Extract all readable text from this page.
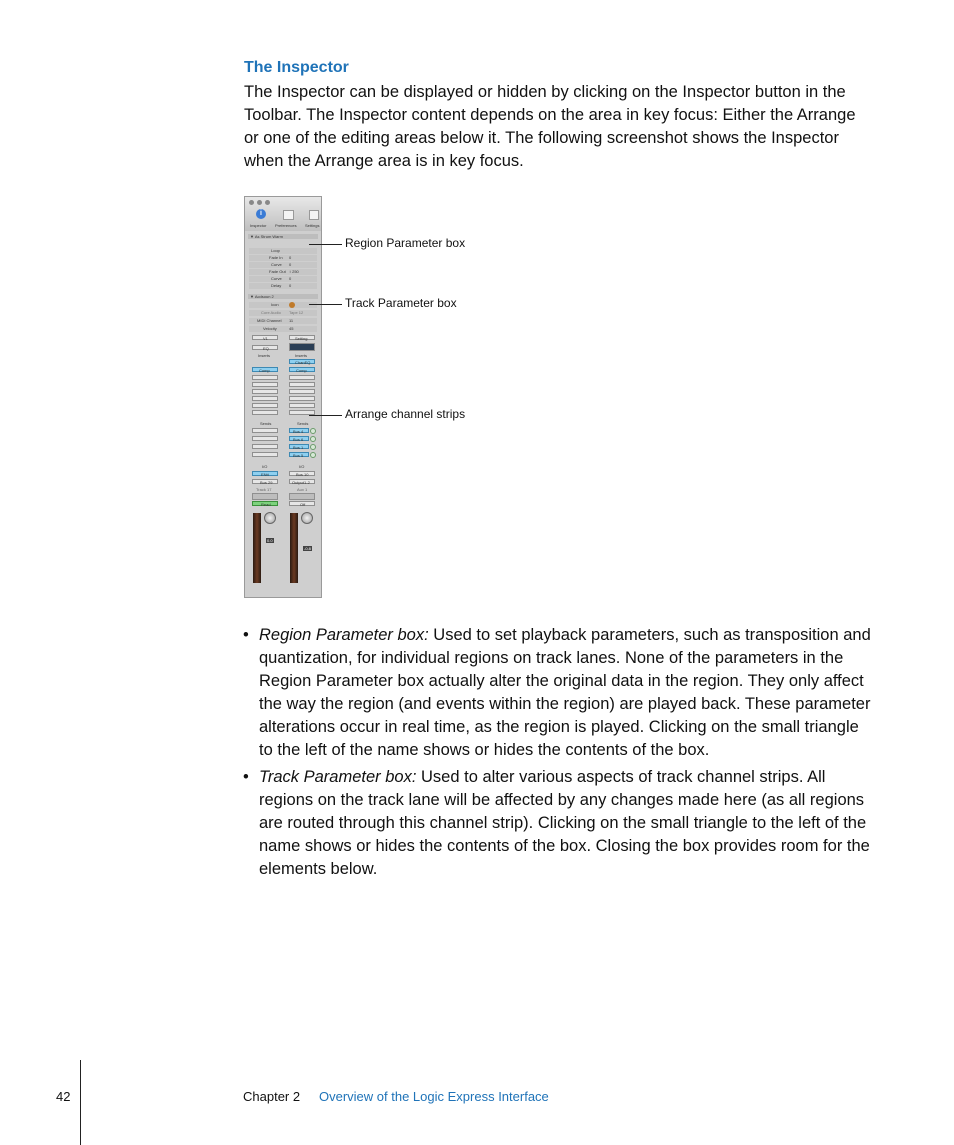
The Inspector

The Inspector can be displayed or hidden by clicking on the Inspector button in the Toolbar. The Inspector content depends on the area in key focus: Either the Arrange or one of the editing areas below it. The following screenshot shows the Inspector when the Arrange area is in key focus.

i
Inspector Preferences Settings
▼ As Strum Warm
Loop
Fade In 0
Curve 0
Fade Out ↕ 250
Curve 0
Delay 0
▼ Acdsoun 2
Icon
Core Audio Tape 12
MIDI Channel 11
Velocity	45
V1
EQ
Inserts
Comp
Sends
I/O
ENtt
Bus 29
Track 17
Read
0.0
Setting
Inserts
ChanEQ
Comp
Sends
Bus 4
Bus 6
Bus 1
Bus 5
I/O
Bus 10
Output1-2
Aux 1
Off
-0.8
Region Parameter box
Track Parameter box
Arrange channel strips
• Region Parameter box: Used to set playback parameters, such as transposition and quantization, for individual regions on track lanes. None of the parameters in the Region Parameter box actually alter the original data in the region. They only affect the way the region (and events within the region) are played back. These parameter alterations occur in real time, as the region is played. Clicking on the small triangle to the left of the name shows or hides the contents of the box.
• Track Parameter box: Used to alter various aspects of track channel strips. All regions on the track lane will be affected by any changes made here (as all regions are routed through this channel strip). Clicking on the small triangle to the left of the name shows or hides the contents of the box. Closing the box provides room for the elements below.
42	Chapter 2 Overview of the Logic Express Interface
